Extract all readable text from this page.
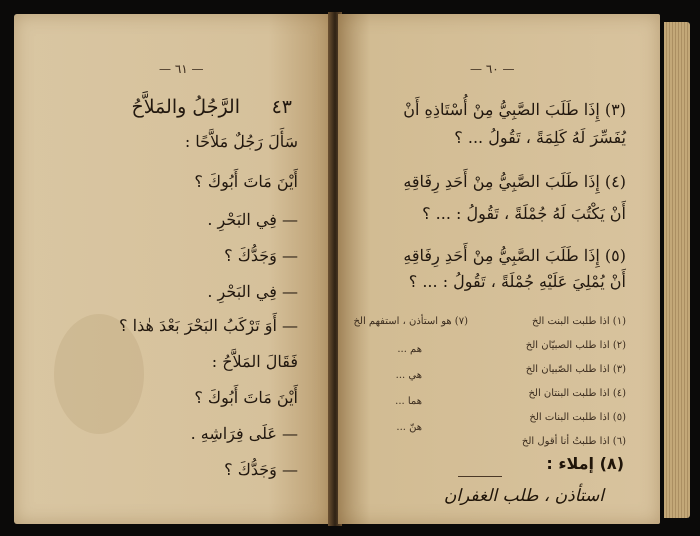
— ٦١ —
٤٣
الرَّجُلُ والمَلاَّحُ
سَأَلَ رَجُلٌ مَلاَّحًا :
أَيْنَ مَاتَ أَبُوكَ ؟
— فِي البَحْرِ .
— وَجَدُّكَ ؟
— فِي البَحْرِ .
— أَوَ تَرْكَبُ البَحْرَ بَعْدَ هٰذا ؟
فَقَالَ المَلاَّحُ :
أَيْنَ مَاتَ أَبُوكَ ؟
— عَلَى فِرَاشِهِ .
— وَجَدُّكَ ؟
— ٦٠ —
(٣) إِذَا طَلَبَ الصَّبِيُّ مِنْ أُسْتَاذِهِ أَنْ
يُفَسِّرَ لَهُ كَلِمَةً ، تَقُولُ ... ؟
(٤) إِذَا طَلَبَ الصَّبِيُّ مِنْ أَحَدِ رِفَاقِهِ
أَنْ يَكْتُبَ لَهُ جُمْلَةً ، تَقُولُ : ... ؟
(٥) إِذَا طَلَبَ الصَّبِيُّ مِنْ أَحَدِ رِفَاقِهِ
أَنْ يُمْلِيَ عَلَيْهِ جُمْلَةً ، تَقُولُ : ... ؟
(١) اذا طلبت البنت الخ
(٢) اذا طلب الصبيّان الخ
(٣) اذا طلب الصّبيان الخ
(٤) اذا طلبت البنتان الخ
(٥) اذا طلبت البنات الخ
(٦) اذا طلبتُ أنا أقول الخ
(٧) هو استأذن ، استفهم الخ
هم ...
هي ...
هما ...
هنّ ...
(٨) إملاء :
استأذن ، طلب الغفران
